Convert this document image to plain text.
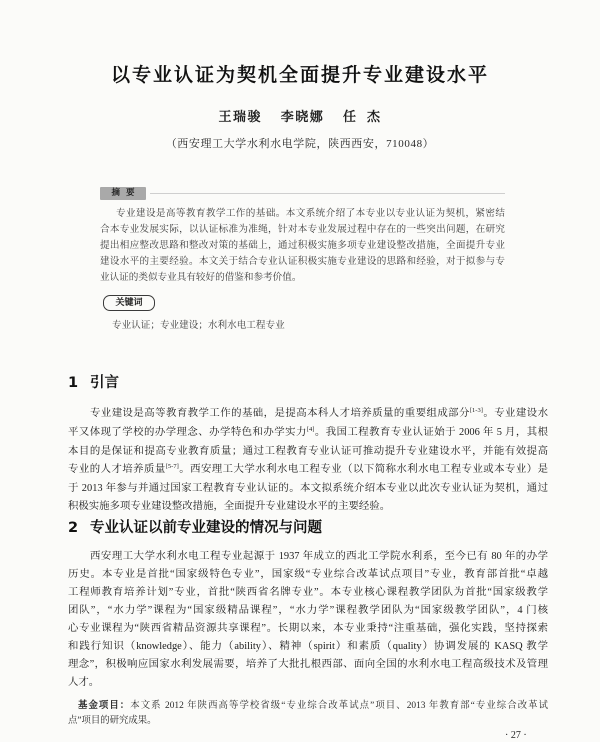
以专业认证为契机全面提升专业建设水平
王瑞骏 李晓娜 任  杰
（西安理工大学水利水电学院，陕西西安，710048）
摘  要
专业建设是高等教育教学工作的基础。本文系统介绍了本专业以专业认证为契机，紧密结
合本专业发展实际，以认证标准为准绳，针对本专业发展过程中存在的一些突出问题，在研究
提出相应整改思路和整改对策的基础上，通过积极实施多项专业建设整改措施，全面提升专业
建设水平的主要经验。本文关于结合专业认证积极实施专业建设的思路和经验，对于拟参与专
业认证的类似专业具有较好的借鉴和参考价值。
关键词
专业认证；专业建设；水利水电工程专业
1 引言
专业建设是高等教育教学工作的基础，是提高本科人才培养质量的重要组成部分[1-3]。专业建设水
平又体现了学校的办学理念、办学特色和办学实力[4]。我国工程教育专业认证始于 2006 年 5 月，其根
本目的是保证和提高专业教育质量；通过工程教育专业认证可推动提升专业建设水平，并能有效提高
专业的人才培养质量[5-7]。西安理工大学水利水电工程专业（以下简称水利水电工程专业或本专业）是
于 2013 年参与并通过国家工程教育专业认证的。本文拟系统介绍本专业以此次专业认证为契机，通过
积极实施多项专业建设整改措施，全面提升专业建设水平的主要经验。
2 专业认证以前专业建设的情况与问题
西安理工大学水利水电工程专业起源于 1937 年成立的西北工学院水利系，至今已有 80 年的办学
历史。本专业是首批“国家级特色专业”，国家级“专业综合改革试点项目”专业，教育部首批“卓越
工程师教育培养计划”专业，首批“陕西省名牌专业”。本专业核心课程教学团队为首批“国家级教学
团队”，“水力学”课程为“国家级精品课程”，“水力学”课程教学团队为“国家级教学团队”，4 门核
心专业课程为“陕西省精品资源共享课程”。长期以来，本专业秉持“注重基础，强化实践，坚持探索
和践行知识（knowledge）、能力（ability）、精神（spirit）和素质（quality）协调发展的 KASQ 教学
理念”，积极响应国家水利发展需要，培养了大批扎根西部、面向全国的水利水电工程高级技术及管理
人才。
基金项目：本文系 2012 年陕西高等学校省级“专业综合改革试点”项目、2013 年教育部“专业综合改革试
点”项目的研究成果。
· 27 ·
